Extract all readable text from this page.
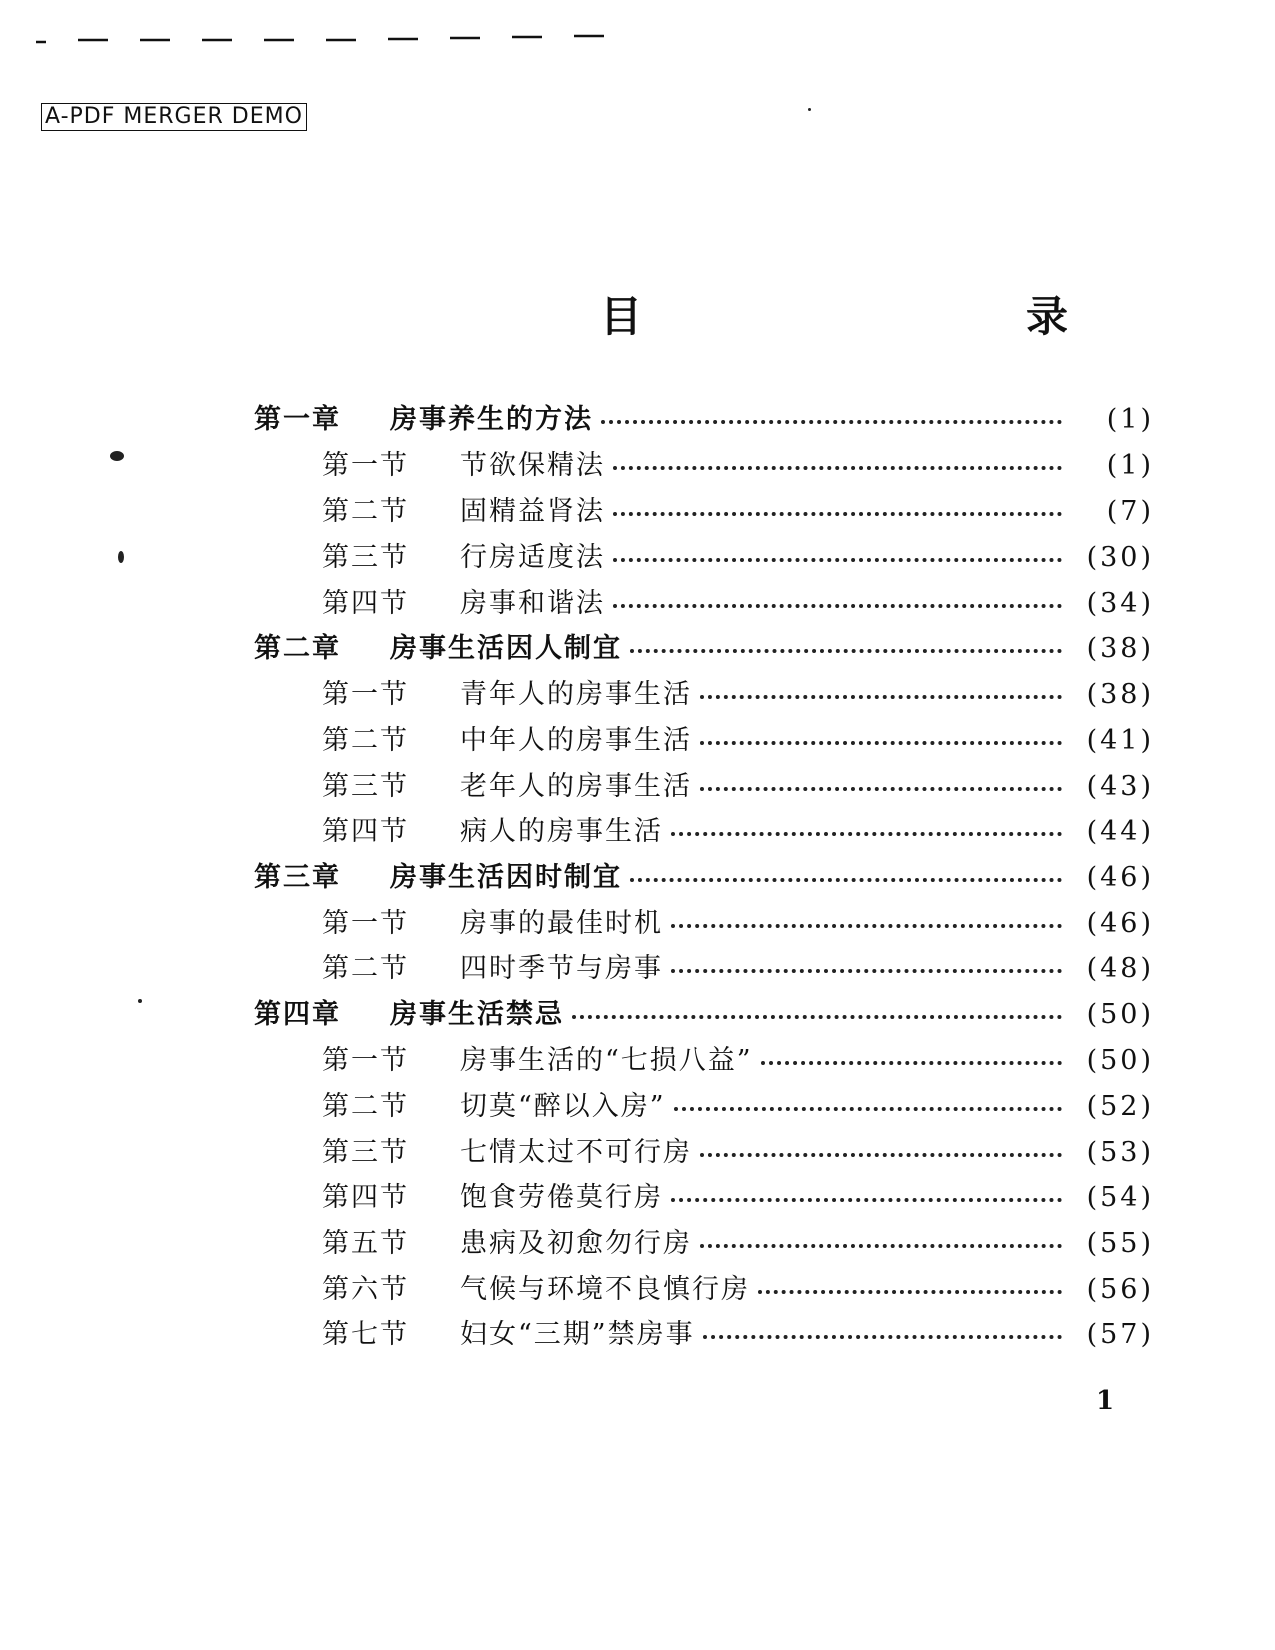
A-PDF MERGER DEMO
目　　录
第一章	房事养生的方法	(1)
第一节	节欲保精法	(1)
第二节	固精益肾法	(7)
第三节	行房适度法	(30)
第四节	房事和谐法	(34)
第二章	房事生活因人制宜	(38)
第一节	青年人的房事生活	(38)
第二节	中年人的房事生活	(41)
第三节	老年人的房事生活	(43)
第四节	病人的房事生活	(44)
第三章	房事生活因时制宜	(46)
第一节	房事的最佳时机	(46)
第二节	四时季节与房事	(48)
第四章	房事生活禁忌	(50)
第一节	房事生活的“七损八益”	(50)
第二节	切莫“醉以入房”	(52)
第三节	七情太过不可行房	(53)
第四节	饱食劳倦莫行房	(54)
第五节	患病及初愈勿行房	(55)
第六节	气候与环境不良慎行房	(56)
第七节	妇女“三期”禁房事	(57)
1
